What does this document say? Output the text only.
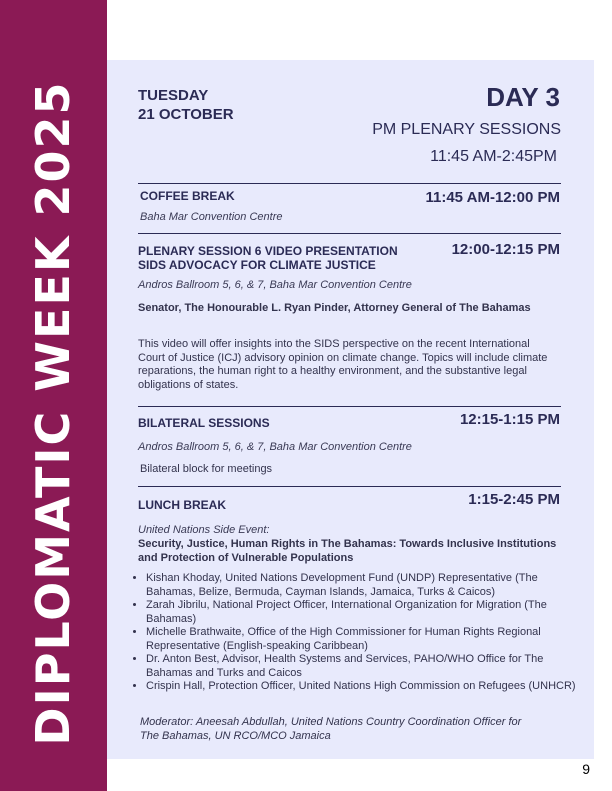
DIPLOMATIC WEEK 2025	TUESDAY
21 OCTOBER
DAY 3
PM PLENARY SESSIONS
11:45 AM-2:45PM
COFFEE BREAK	11:45 AM-12:00 PM
Baha Mar Convention Centre
PLENARY SESSION 6 VIDEO PRESENTATION
SIDS ADVOCACY FOR CLIMATE JUSTICE
12:00-12:15 PM
Andros Ballroom 5, 6, & 7, Baha Mar Convention Centre
Senator, The Honourable L. Ryan Pinder, Attorney General of The Bahamas
This video will offer insights into the SIDS perspective on the recent International Court of Justice (ICJ) advisory opinion on climate change. Topics will include climate reparations, the human right to a healthy environment, and the substantive legal obligations of states.
BILATERAL SESSIONS	12:15-1:15 PM
Andros Ballroom 5, 6, & 7, Baha Mar Convention Centre
Bilateral block for meetings
LUNCH BREAK	1:15-2:45 PM
United Nations Side Event:
Security, Justice, Human Rights in The Bahamas: Towards Inclusive Institutions and Protection of Vulnerable Populations
• Kishan Khoday, United Nations Development Fund (UNDP) Representative (The Bahamas, Belize, Bermuda, Cayman Islands, Jamaica, Turks & Caicos)
• Zarah Jibrilu, National Project Officer, International Organization for Migration (The Bahamas)
• Michelle Brathwaite, Office of the High Commissioner for Human Rights Regional Representative (English-speaking Caribbean)
• Dr. Anton Best, Advisor, Health Systems and Services, PAHO/WHO Office for The Bahamas and Turks and Caicos
• Crispin Hall, Protection Officer, United Nations High Commission on Refugees (UNHCR)
Moderator: Aneesah Abdullah, United Nations Country Coordination Officer for The Bahamas, UN RCO/MCO Jamaica
9
